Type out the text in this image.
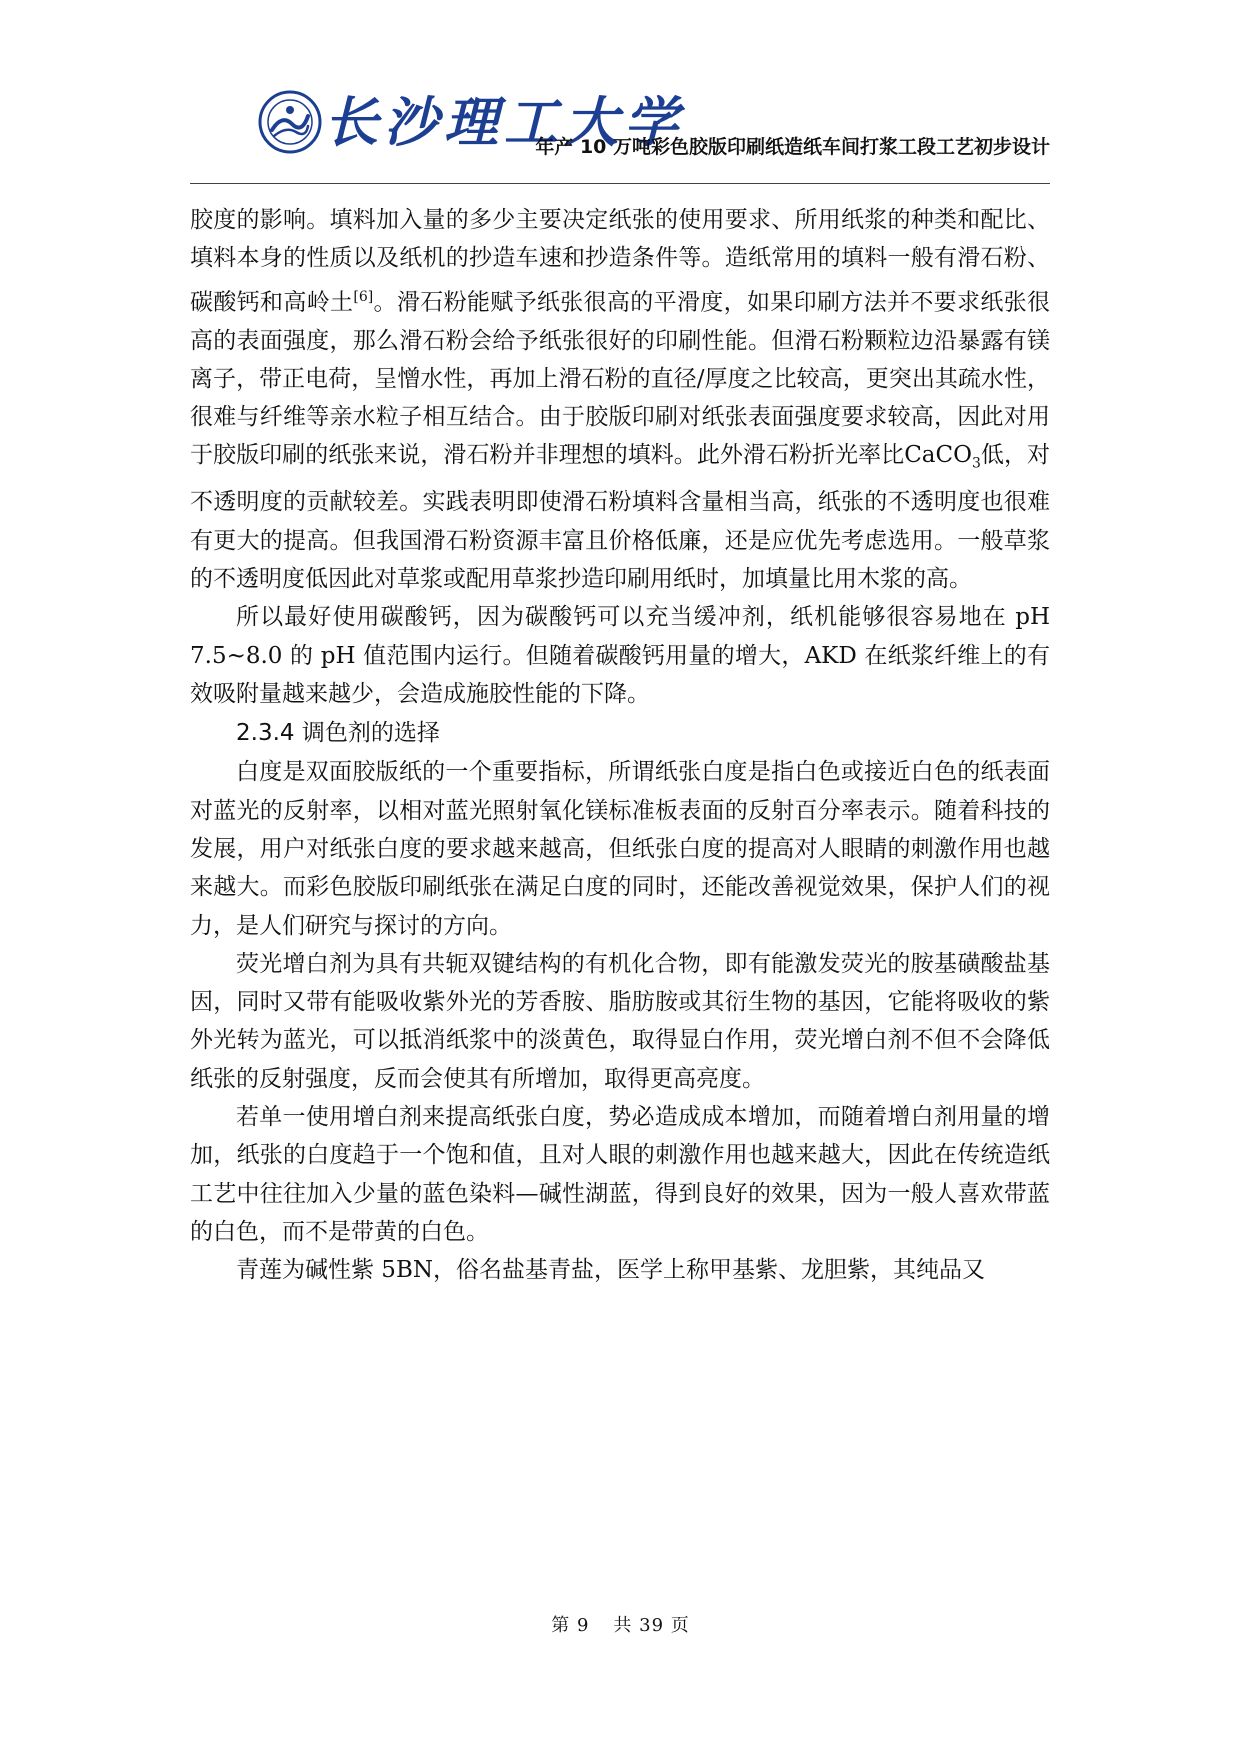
长沙理工大学
年产 10 万吨彩色胶版印刷纸造纸车间打浆工段工艺初步设计

胶度的影响。填料加入量的多少主要决定纸张的使用要求、所用纸浆的种类和配比、填料本身的性质以及纸机的抄造车速和抄造条件等。造纸常用的填料一般有滑石粉、碳酸钙和高岭土[6]。滑石粉能赋予纸张很高的平滑度，如果印刷方法并不要求纸张很高的表面强度，那么滑石粉会给予纸张很好的印刷性能。但滑石粉颗粒边沿暴露有镁离子，带正电荷，呈憎水性，再加上滑石粉的直径/厚度之比较高，更突出其疏水性，很难与纤维等亲水粒子相互结合。由于胶版印刷对纸张表面强度要求较高，因此对用于胶版印刷的纸张来说，滑石粉并非理想的填料。此外滑石粉折光率比CaCO$_3$低，对不透明度的贡献较差。实践表明即使滑石粉填料含量相当高，纸张的不透明度也很难有更大的提高。但我国滑石粉资源丰富且价格低廉，还是应优先考虑选用。一般草浆的不透明度低因此对草浆或配用草浆抄造印刷用纸时，加填量比用木浆的高。

所以最好使用碳酸钙，因为碳酸钙可以充当缓冲剂，纸机能够很容易地在 pH 7.5~8.0 的 pH 值范围内运行。但随着碳酸钙用量的增大，AKD 在纸浆纤维上的有效吸附量越来越少，会造成施胶性能的下降。

2.3.4 调色剂的选择

白度是双面胶版纸的一个重要指标，所谓纸张白度是指白色或接近白色的纸表面对蓝光的反射率，以相对蓝光照射氧化镁标准板表面的反射百分率表示。随着科技的发展，用户对纸张白度的要求越来越高，但纸张白度的提高对人眼睛的刺激作用也越来越大。而彩色胶版印刷纸张在满足白度的同时，还能改善视觉效果，保护人们的视力，是人们研究与探讨的方向。

荧光增白剂为具有共轭双键结构的有机化合物，即有能激发荧光的胺基磺酸盐基因，同时又带有能吸收紫外光的芳香胺、脂肪胺或其衍生物的基因，它能将吸收的紫外光转为蓝光，可以抵消纸浆中的淡黄色，取得显白作用，荧光增白剂不但不会降低纸张的反射强度，反而会使其有所增加，取得更高亮度。

若单一使用增白剂来提高纸张白度，势必造成成本增加，而随着增白剂用量的增加，纸张的白度趋于一个饱和值，且对人眼的刺激作用也越来越大，因此在传统造纸工艺中往往加入少量的蓝色染料—碱性湖蓝，得到良好的效果，因为一般人喜欢带蓝的白色，而不是带黄的白色。

青莲为碱性紫 5BN，俗名盐基青盐，医学上称甲基紫、龙胆紫，其纯品又

第 9 共 39 页
